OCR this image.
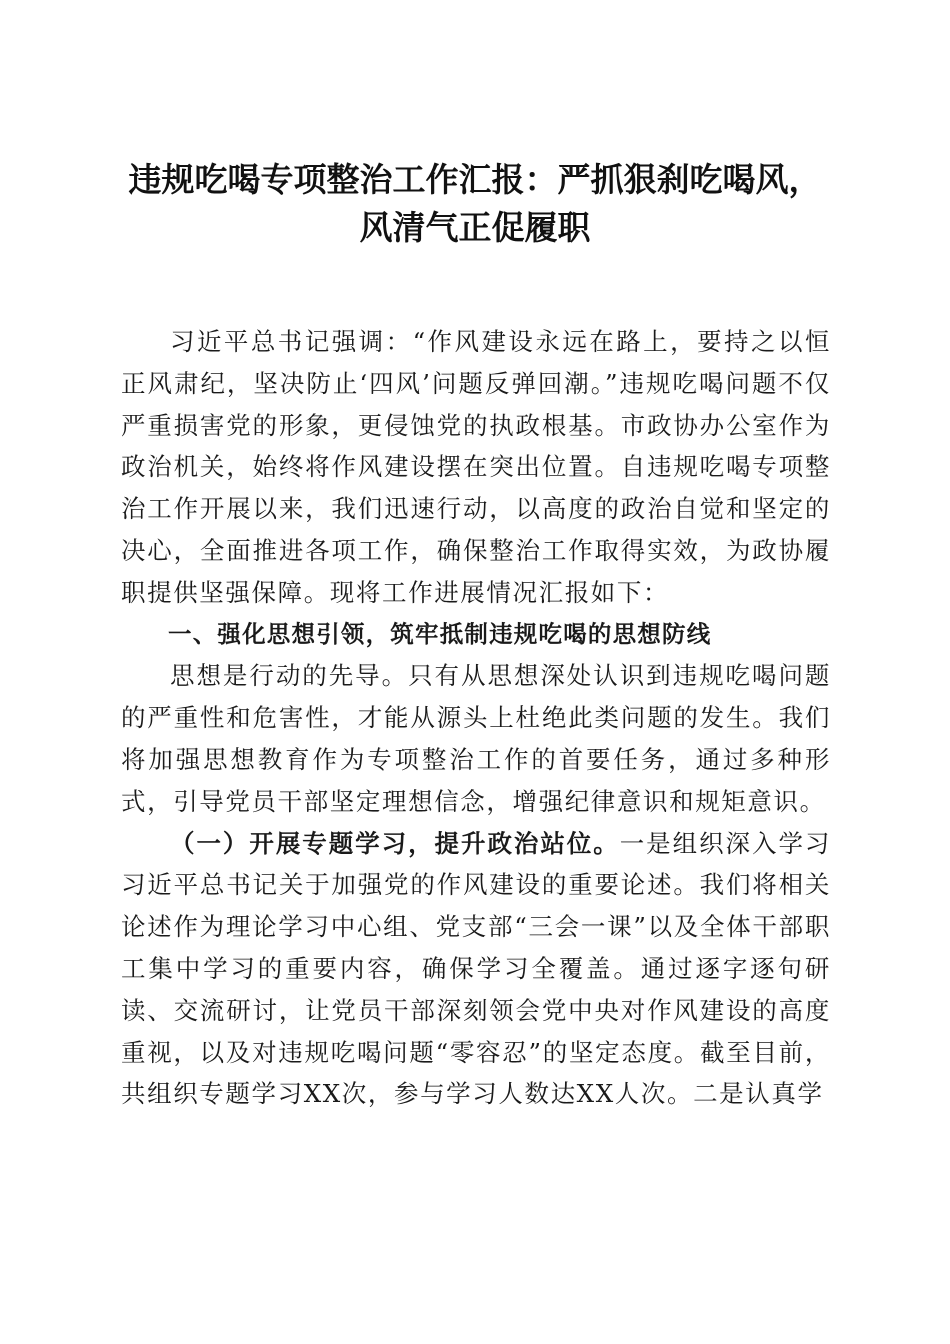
违规吃喝专项整治工作汇报：严抓狠刹吃喝风，
风清气正促履职

习近平总书记强调：“作风建设永远在路上，要持之以恒正风肃纪，坚决防止‘四风’问题反弹回潮。”违规吃喝问题不仅严重损害党的形象，更侵蚀党的执政根基。市政协办公室作为政治机关，始终将作风建设摆在突出位置。自违规吃喝专项整治工作开展以来，我们迅速行动，以高度的政治自觉和坚定的决心，全面推进各项工作，确保整治工作取得实效，为政协履职提供坚强保障。现将工作进展情况汇报如下：

一、强化思想引领，筑牢抵制违规吃喝的思想防线

思想是行动的先导。只有从思想深处认识到违规吃喝问题的严重性和危害性，才能从源头上杜绝此类问题的发生。我们将加强思想教育作为专项整治工作的首要任务，通过多种形式，引导党员干部坚定理想信念，增强纪律意识和规矩意识。

（一）开展专题学习，提升政治站位。一是组织深入学习习近平总书记关于加强党的作风建设的重要论述。我们将相关论述作为理论学习中心组、党支部“三会一课”以及全体干部职工集中学习的重要内容，确保学习全覆盖。通过逐字逐句研读、交流研讨，让党员干部深刻领会党中央对作风建设的高度重视，以及对违规吃喝问题“零容忍”的坚定态度。截至目前，共组织专题学习XX次，参与学习人数达XX人次。二是认真学
